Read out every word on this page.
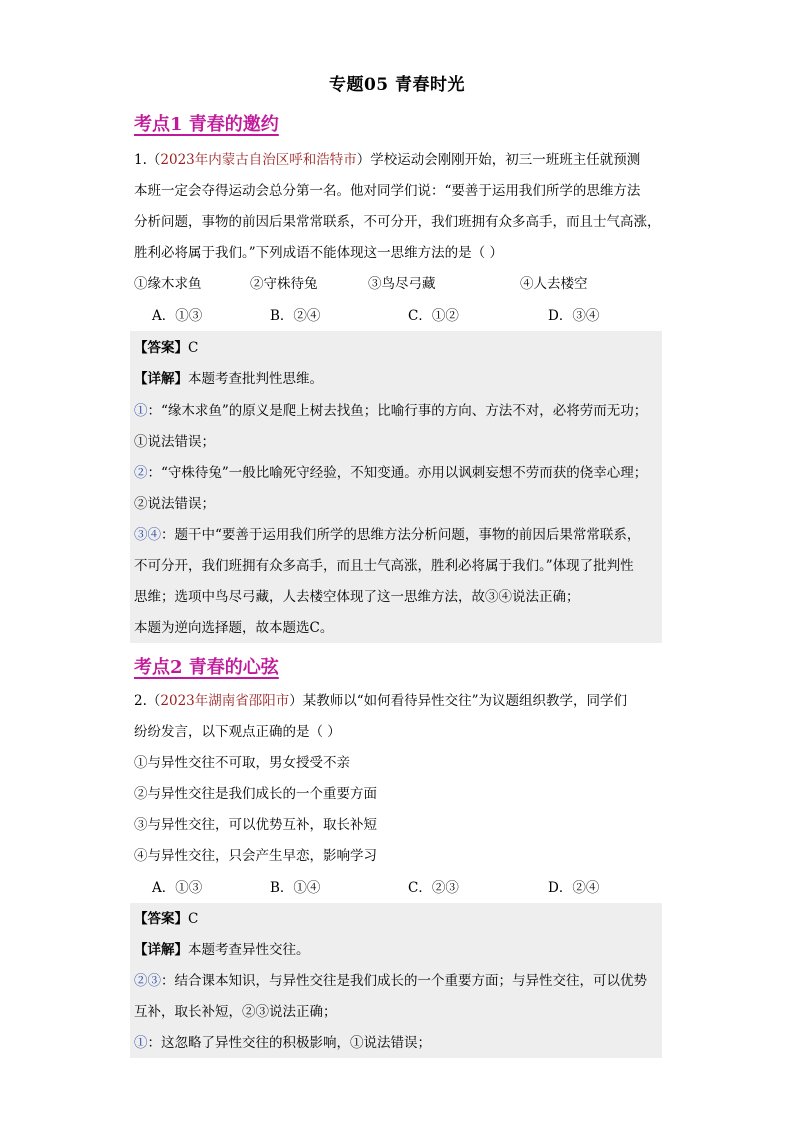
专题05 青春时光
考点1 青春的邀约
1.（2023年内蒙古自治区呼和浩特市）学校运动会刚刚开始，初三一班班主任就预测
本班一定会夺得运动会总分第一名。他对同学们说：“要善于运用我们所学的思维方法
分析问题，事物的前因后果常常联系，不可分开，我们班拥有众多高手，而且士气高涨，
胜利必将属于我们。”下列成语不能体现这一思维方法的是（ ）
①缘木求鱼	②守株待兔	③鸟尽弓藏	④人去楼空
A．①③	B．②④	C．①②	D．③④
【答案】C
【详解】本题考查批判性思维。
①：“缘木求鱼”的原义是爬上树去找鱼；比喻行事的方向、方法不对，必将劳而无功；
①说法错误；
②：“守株待兔”一般比喻死守经验，不知变通。亦用以讽刺妄想不劳而获的侥幸心理；
②说法错误；
③④：题干中“要善于运用我们所学的思维方法分析问题，事物的前因后果常常联系，
不可分开，我们班拥有众多高手，而且士气高涨，胜利必将属于我们。”体现了批判性
思维；选项中鸟尽弓藏，人去楼空体现了这一思维方法，故③④说法正确；
本题为逆向选择题，故本题选C。
考点2 青春的心弦
2.（2023年湖南省邵阳市）某教师以“如何看待异性交往”为议题组织教学，同学们
纷纷发言，以下观点正确的是（ ）
①与异性交往不可取，男女授受不亲
②与异性交往是我们成长的一个重要方面
③与异性交往，可以优势互补，取长补短
④与异性交往，只会产生早恋，影响学习
A．①③	B．①④	C．②③	D．②④
【答案】C
【详解】本题考查异性交往。
②③：结合课本知识，与异性交往是我们成长的一个重要方面；与异性交往，可以优势
互补，取长补短，②③说法正确；
①：这忽略了异性交往的积极影响，①说法错误；
